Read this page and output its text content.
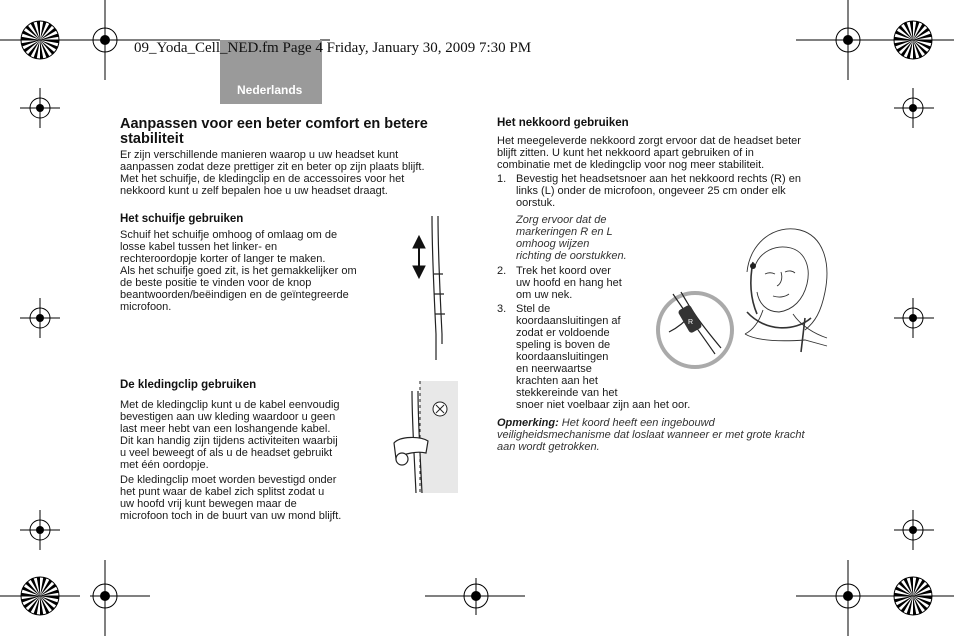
Nederlands
09_Yoda_Cell_NED.fm Page 4 Friday, January 30, 2009 7:30 PM
Aanpassen voor een beter comfort en betere stabiliteit
Er zijn verschillende manieren waarop u uw headset kunt
aanpassen zodat deze prettiger zit en beter op zijn plaats blijft.
Met het schuifje, de kledingclip en de accessoires voor het
nekkoord kunt u zelf bepalen hoe u uw headset draagt.
Het schuifje gebruiken
Schuif het schuifje omhoog of omlaag om de
losse kabel tussen het linker- en
rechteroordopje korter of langer te maken.
Als het schuifje goed zit, is het gemakkelijker om
de beste positie te vinden voor de knop
beantwoorden/beëindigen en de geïntegreerde
microfoon.
De kledingclip gebruiken
Met de kledingclip kunt u de kabel eenvoudig
bevestigen aan uw kleding waardoor u geen
last meer hebt van een loshangende kabel.
Dit kan handig zijn tijdens activiteiten waarbij
u veel beweegt of als u de headset gebruikt
met één oordopje.
De kledingclip moet worden bevestigd onder
het punt waar de kabel zich splitst zodat u
uw hoofd vrij kunt bewegen maar de
microfoon toch in de buurt van uw mond blijft.
Het nekkoord gebruiken
Het meegeleverde nekkoord zorgt ervoor dat de headset beter
blijft zitten. U kunt het nekkoord apart gebruiken of in
combinatie met de kledingclip voor nog meer stabiliteit.
1. Bevestig het headsetsnoer aan het nekkoord rechts (R) en
links (L) onder de microfoon, ongeveer 25 cm onder elk
oorstuk.
Zorg ervoor dat de
markeringen R en L
omhoog wijzen
richting de oorstukken.
2. Trek het koord over
uw hoofd en hang het
om uw nek.
3. Stel de
koordaansluitingen af
zodat er voldoende
speling is boven de
koordaansluitingen
en neerwaartse
krachten aan het
stekkereinde van het
snoer niet voelbaar zijn aan het oor.
Opmerking: Het koord heeft een ingebouwd
veiligheidsmechanisme dat loslaat wanneer er met grote kracht
aan wordt getrokken.
R
